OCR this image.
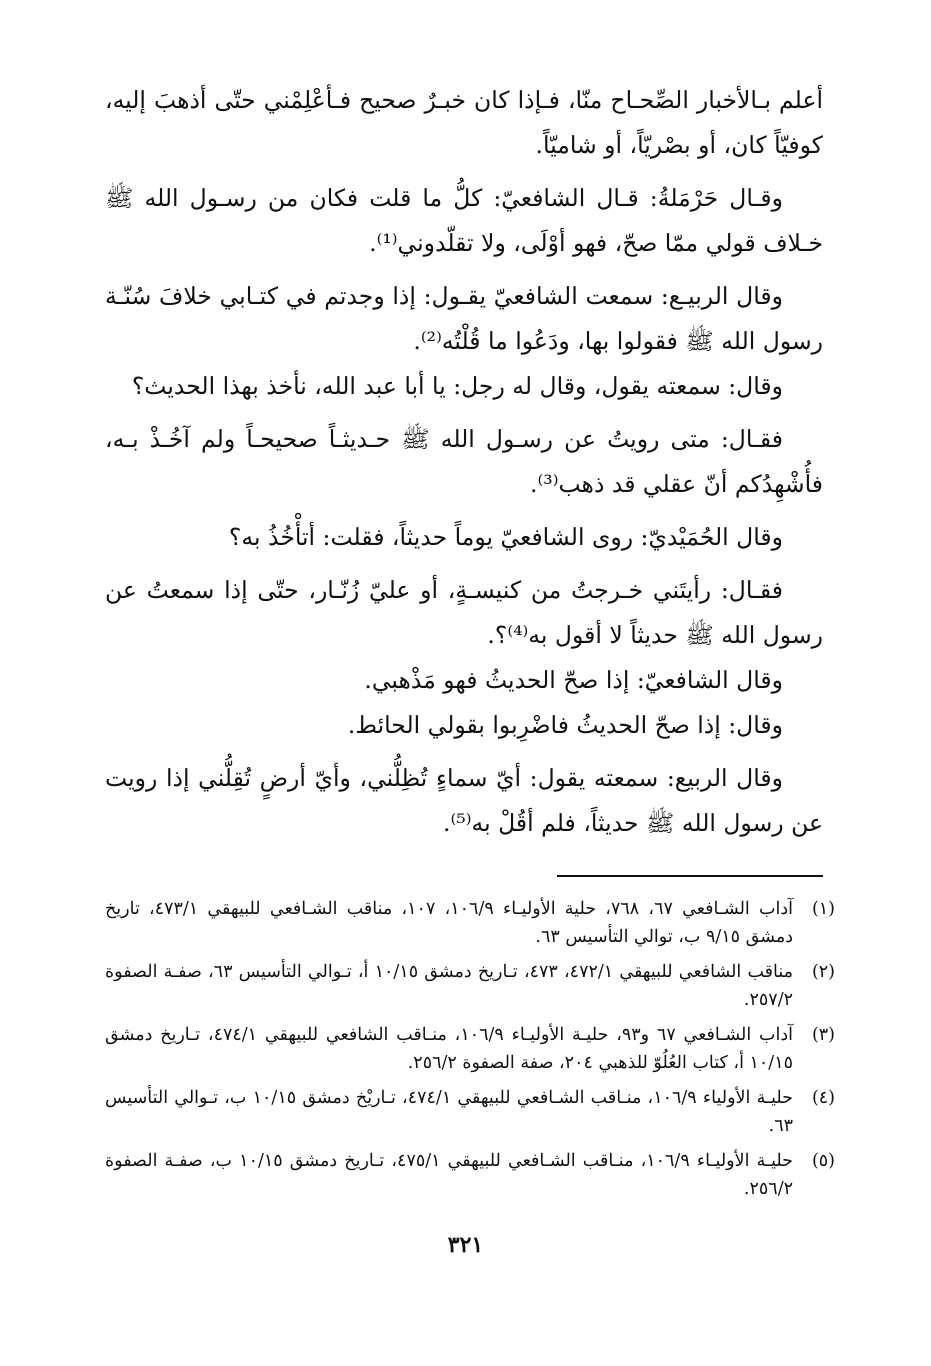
أعلم بـالأخبار الصِّحـاح منّا، فـإذا كان خبـرٌ صحيح فـأعْلِمْني حتّى أذهبَ إليه، كوفيّاً كان، أو بصْريّاً، أو شاميّاً.

وقـال حَرْمَلةُ: قـال الشافعيّ: كلُّ ما قلت فكان من رسـول الله ﷺ خـلاف قولي ممّا صحّ، فهو أوْلَى، ولا تقلّدوني⁽¹⁾.

وقال الربيـع: سمعت الشافعيّ يقـول: إذا وجدتم في كتـابي خلافَ سُنّـة رسول الله ﷺ فقولوا بها، ودَعُوا ما قُلْتُه⁽²⁾.

وقال: سمعته يقول، وقال له رجل: يا أبا عبد الله، نأخذ بهذا الحديث؟

فقـال: متى رويتُ عن رسـول الله ﷺ حـديثـاً صحيحـاً ولم آخُـذْ بـه، فأُشْهِدُكم أنّ عقلي قد ذهب⁽³⁾.

وقال الحُمَيْديّ: روى الشافعيّ يوماً حديثاً، فقلت: أتأْخُذُ به؟

فقـال: رأيتَني خـرجتُ من كنيسـةٍ، أو عليّ زُنّـار، حتّى إذا سمعتُ عن رسول الله ﷺ حديثاً لا أقول به⁽⁴⁾؟.

وقال الشافعيّ: إذا صحّ الحديثُ فهو مَذْهبي.

وقال: إذا صحّ الحديثُ فاضْرِبوا بقولي الحائط.

وقال الربيع: سمعته يقول: أيّ سماءٍ تُظِلُّني، وأيّ أرضٍ تُقِلُّني إذا رويت عن رسول الله ﷺ حديثاً، فلم أقُلْ به⁽⁵⁾.

(١)
آداب الشـافعي ٦٧، ٧٦٨، حلية الأوليـاء ١٠٦/٩، ١٠٧، مناقب الشـافعي للبيهقي ٤٧٣/١، تاريخ دمشق ٩/١٥ ب، توالي التأسيس ٦٣.
(٢)
مناقب الشافعي للبيهقي ٤٧٢/١، ٤٧٣، تـاريخ دمشق ١٠/١٥ أ، تـوالي التأسيس ٦٣، صفـة الصفوة ٢٥٧/٢.
(٣)
آداب الشـافعي ٦٧ و٩٣، حليـة الأوليـاء ١٠٦/٩، منـاقب الشافعي للبيهقي ٤٧٤/١، تـاريخ دمشق ١٠/١٥ أ، كتاب العُلُوّ للذهبي ٢٠٤، صفة الصفوة ٢٥٦/٢.
(٤)
حليـة الأولياء ١٠٦/٩، منـاقب الشـافعي للبيهقي ٤٧٤/١، تـاريْخ دمشق ١٠/١٥ ب، تـوالي التأسيس ٦٣.
(٥)
حليـة الأوليـاء ١٠٦/٩، منـاقب الشـافعي للبيهقي ٤٧٥/١، تـاريخ دمشق ١٠/١٥ ب، صفـة الصفوة ٢٥٦/٢.
٣٢١
